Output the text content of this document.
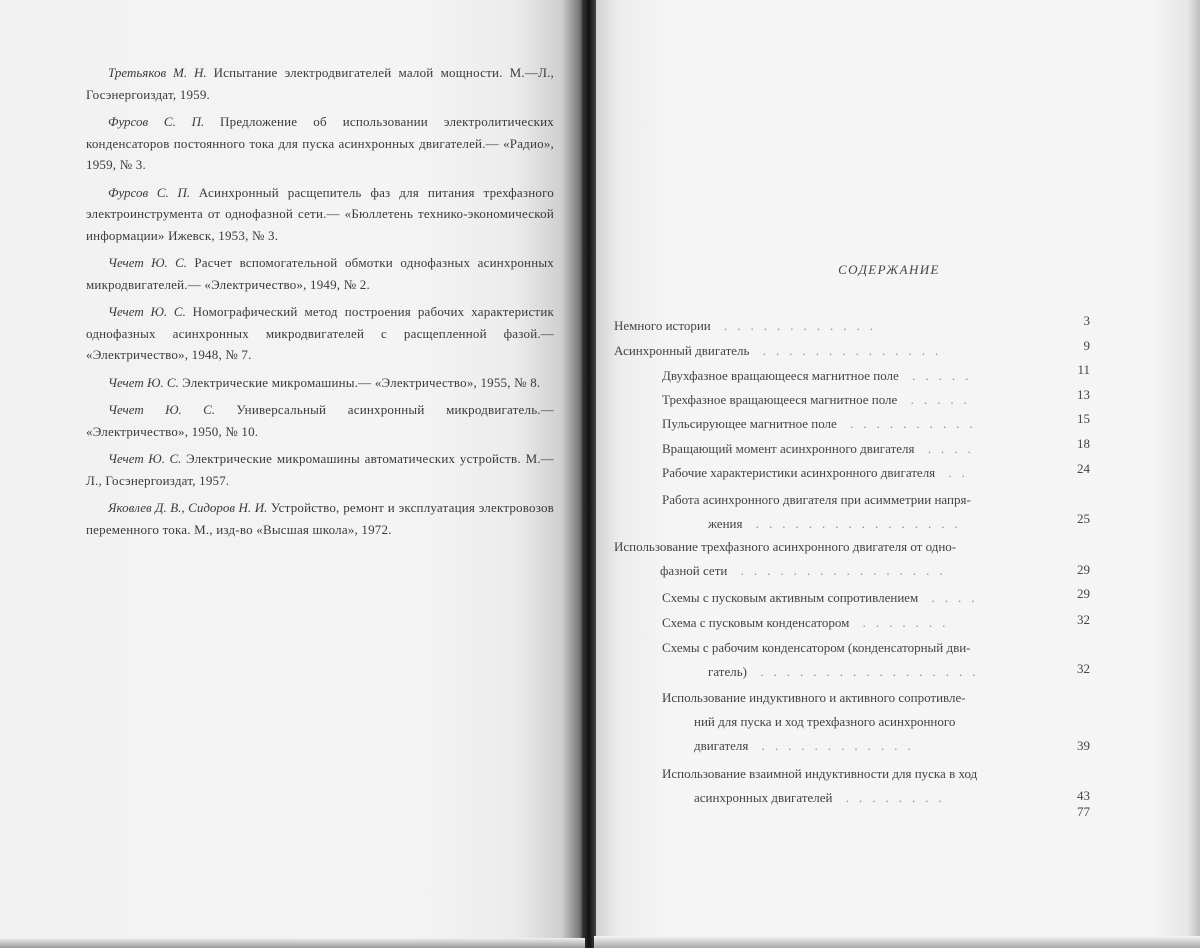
Третьяков М. Н. Испытание электродвигателей малой мощности. М.—Л., Госэнергоиздат, 1959.

Фурсов С. П. Предложение об использовании электролитических конденсаторов постоянного тока для пуска асинхронных двигателей.— «Радио», 1959, № 3.

Фурсов С. П. Асинхронный расщепитель фаз для питания трехфазного электроинструмента от однофазной сети.— «Бюллетень технико-экономической информации» Ижевск, 1953, № 3.

Чечет Ю. С. Расчет вспомогательной обмотки однофазных асинхронных микродвигателей.— «Электричество», 1949, № 2.

Чечет Ю. С. Номографический метод построения рабочих характеристик однофазных асинхронных микродвигателей с расщепленной фазой.— «Электричество», 1948, № 7.

Чечет Ю. С. Электрические микромашины.— «Электричество», 1955, № 8.

Чечет Ю. С. Универсальный асинхронный микродвигатель.— «Электричество», 1950, № 10.

Чечет Ю. С. Электрические микромашины автоматических устройств. М.—Л., Госэнергоиздат, 1957.

Яковлев Д. В., Сидоров Н. И. Устройство, ремонт и эксплуатация электровозов переменного тока. М., изд-во «Высшая школа», 1972.

СОДЕРЖАНИЕ
Немного истории ............	3
Асинхронный двигатель ..............	9
Двухфазное вращающееся магнитное поле .....	11
Трехфазное вращающееся магнитное поле .....	13
Пульсирующее магнитное поле ..........	15
Вращающий момент асинхронного двигателя ....	18
Рабочие характеристики асинхронного двигателя ..	24
Работа асинхронного двигателя при асимметрии напря-
жения ................	25
Использование трехфазного асинхронного двигателя от одно-
фазной сети ................	29
Схемы с пусковым активным сопротивлением ....	29
Схема с пусковым конденсатором .......	32
Схемы с рабочим конденсатором (конденсаторный дви-
гатель) .................	32
Использование индуктивного и активного сопротивле-
ний для пуска и ход трехфазного асинхронного
двигателя ............	39
Использование взаимной индуктивности для пуска в ход
асинхронных двигателей ........	43
77
